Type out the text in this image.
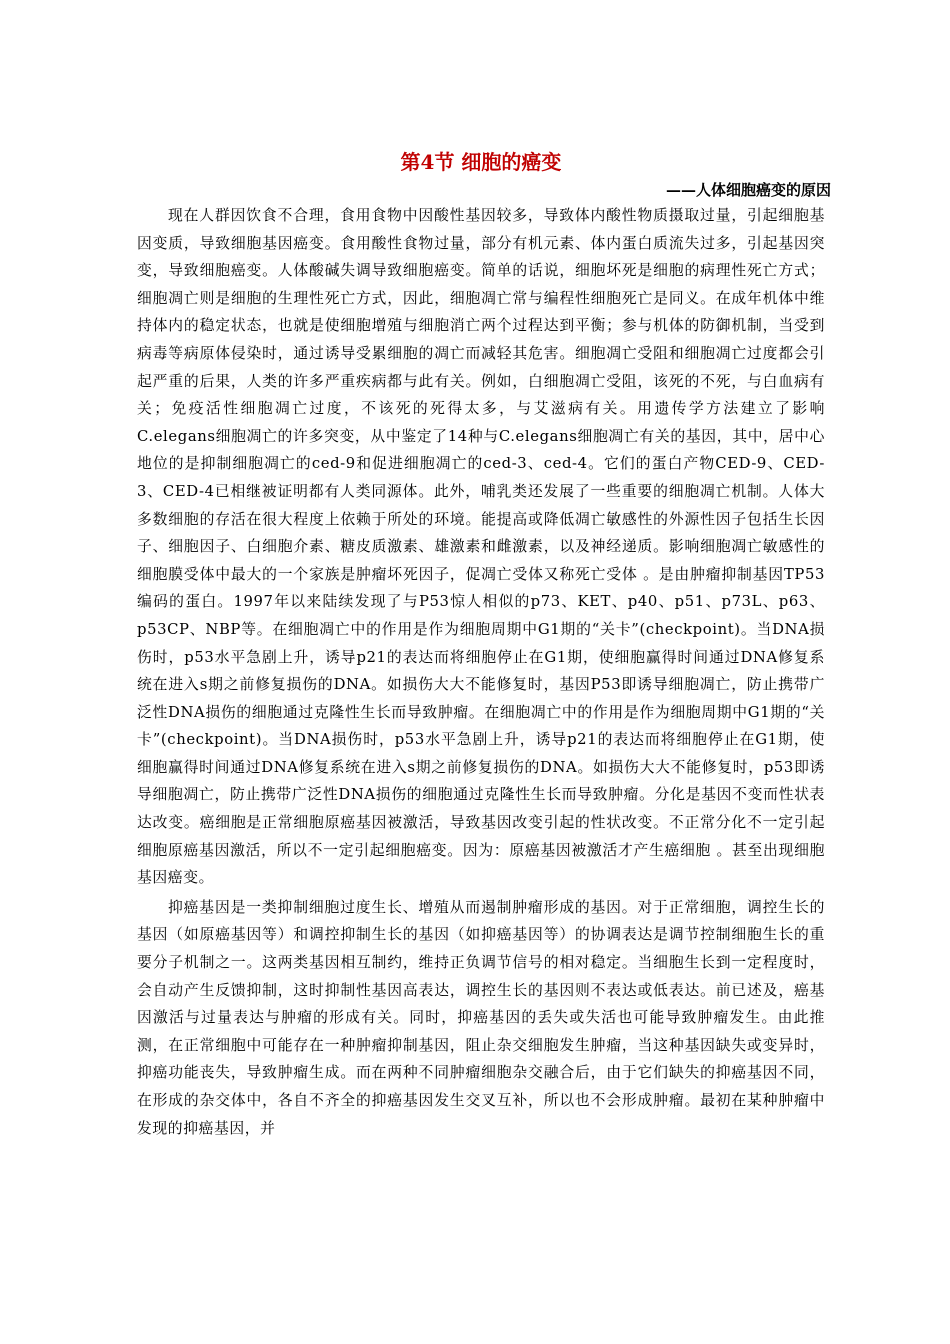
第4节 细胞的癌变
——人体细胞癌变的原因

现在人群因饮食不合理，食用食物中因酸性基因较多，导致体内酸性物质摄取过量，引起细胞基因变质，导致细胞基因癌变。食用酸性食物过量，部分有机元素、体内蛋白质流失过多，引起基因突变，导致细胞癌变。人体酸碱失调导致细胞癌变。简单的话说，细胞坏死是细胞的病理性死亡方式；细胞凋亡则是细胞的生理性死亡方式，因此，细胞凋亡常与编程性细胞死亡是同义。在成年机体中维持体内的稳定状态，也就是使细胞增殖与细胞消亡两个过程达到平衡；参与机体的防御机制，当受到病毒等病原体侵染时，通过诱导受累细胞的凋亡而减轻其危害。细胞凋亡受阻和细胞凋亡过度都会引起严重的后果，人类的许多严重疾病都与此有关。例如，白细胞凋亡受阻，该死的不死，与白血病有关；免疫活性细胞凋亡过度，不该死的死得太多，与艾滋病有关。用遗传学方法建立了影响C.elegans细胞凋亡的许多突变，从中鉴定了14种与C.elegans细胞凋亡有关的基因，其中，居中心地位的是抑制细胞凋亡的ced-9和促进细胞凋亡的ced-3、ced-4。它们的蛋白产物CED-9、CED-3、CED-4已相继被证明都有人类同源体。此外，哺乳类还发展了一些重要的细胞凋亡机制。人体大多数细胞的存活在很大程度上依赖于所处的环境。能提高或降低凋亡敏感性的外源性因子包括生长因子、细胞因子、白细胞介素、糖皮质激素、雄激素和雌激素，以及神经递质。影响细胞凋亡敏感性的细胞膜受体中最大的一个家族是肿瘤坏死因子，促凋亡受体又称死亡受体 。是由肿瘤抑制基因TP53编码的蛋白。1997年以来陆续发现了与P53惊人相似的p73、KET、p40、p51、p73L、p63、p53CP、NBP等。在细胞凋亡中的作用是作为细胞周期中G1期的“关卡”(checkpoint)。当DNA损伤时，p53水平急剧上升，诱导p21的表达而将细胞停止在G1期，使细胞赢得时间通过DNA修复系统在进入s期之前修复损伤的DNA。如损伤大大不能修复时，基因P53即诱导细胞凋亡，防止携带广泛性DNA损伤的细胞通过克隆性生长而导致肿瘤。在细胞凋亡中的作用是作为细胞周期中G1期的“关卡”(checkpoint)。当DNA损伤时，p53水平急剧上升，诱导p21的表达而将细胞停止在G1期，使细胞赢得时间通过DNA修复系统在进入s期之前修复损伤的DNA。如损伤大大不能修复时，p53即诱导细胞凋亡，防止携带广泛性DNA损伤的细胞通过克隆性生长而导致肿瘤。分化是基因不变而性状表达改变。癌细胞是正常细胞原癌基因被激活，导致基因改变引起的性状改变。不正常分化不一定引起细胞原癌基因激活，所以不一定引起细胞癌变。因为：原癌基因被激活才产生癌细胞 。甚至出现细胞基因癌变。

抑癌基因是一类抑制细胞过度生长、增殖从而遏制肿瘤形成的基因。对于正常细胞，调控生长的基因（如原癌基因等）和调控抑制生长的基因（如抑癌基因等）的协调表达是调节控制细胞生长的重要分子机制之一。这两类基因相互制约，维持正负调节信号的相对稳定。当细胞生长到一定程度时，会自动产生反馈抑制，这时抑制性基因高表达，调控生长的基因则不表达或低表达。前已述及，癌基因激活与过量表达与肿瘤的形成有关。同时，抑癌基因的丢失或失活也可能导致肿瘤发生。由此推测，在正常细胞中可能存在一种肿瘤抑制基因，阻止杂交细胞发生肿瘤，当这种基因缺失或变异时，抑癌功能丧失，导致肿瘤生成。而在两种不同肿瘤细胞杂交融合后，由于它们缺失的抑癌基因不同，在形成的杂交体中，各自不齐全的抑癌基因发生交叉互补，所以也不会形成肿瘤。最初在某种肿瘤中发现的抑癌基因，并
